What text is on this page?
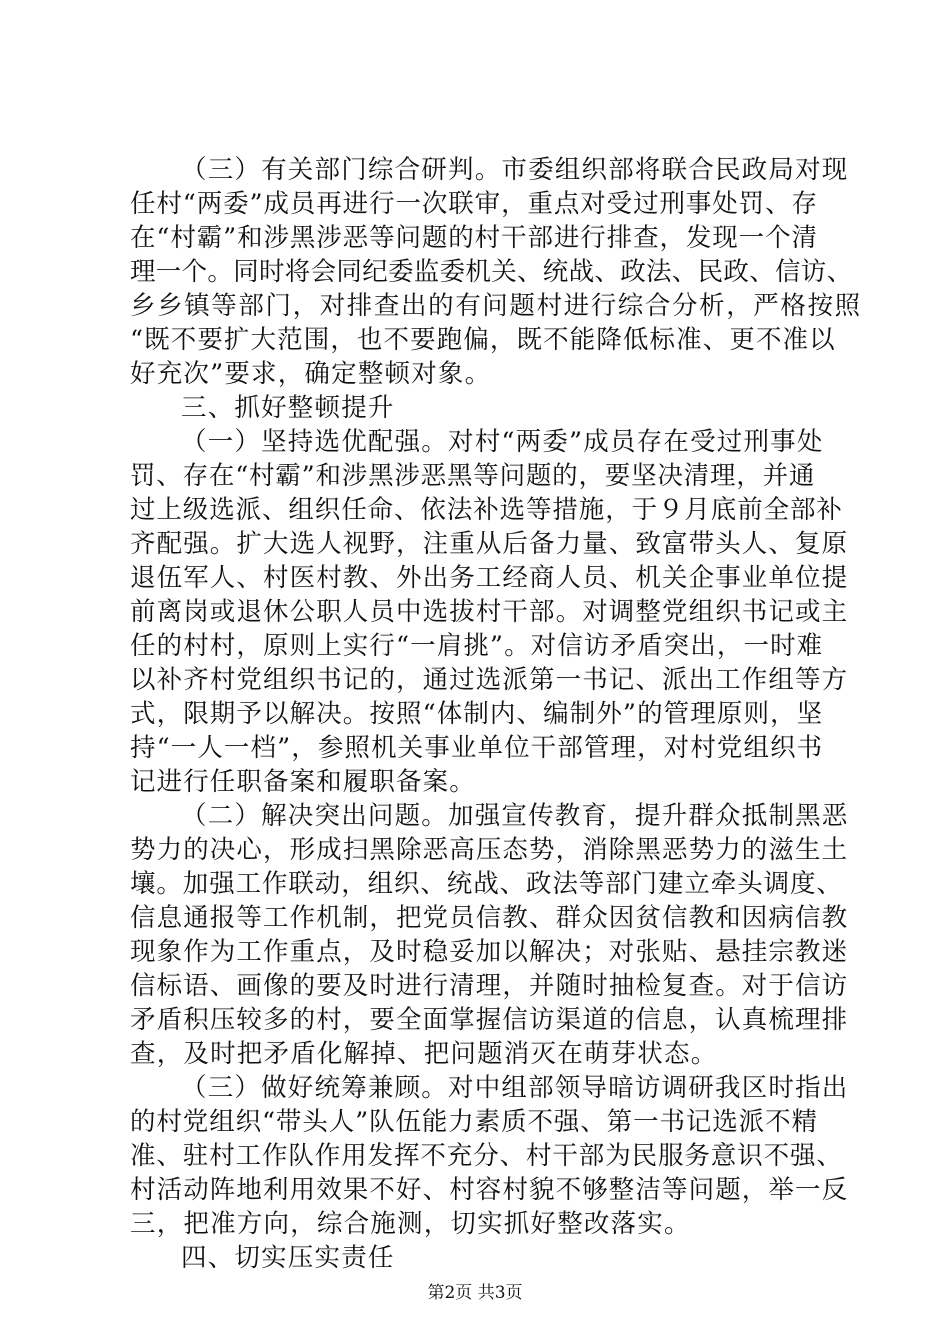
（三）有关部门综合研判。市委组织部将联合民政局对现
任村“两委”成员再进行一次联审，重点对受过刑事处罚、存
在“村霸”和涉黑涉恶等问题的村干部进行排查，发现一个清
理一个。同时将会同纪委监委机关、统战、政法、民政、信访、
乡乡镇等部门，对排查出的有问题村进行综合分析，严格按照
“既不要扩大范围，也不要跑偏，既不能降低标准、更不准以
好充次”要求，确定整顿对象。
三、抓好整顿提升
（一）坚持选优配强。对村“两委”成员存在受过刑事处
罚、存在“村霸”和涉黑涉恶黑等问题的，要坚决清理，并通
过上级选派、组织任命、依法补选等措施，于９月底前全部补
齐配强。扩大选人视野，注重从后备力量、致富带头人、复原
退伍军人、村医村教、外出务工经商人员、机关企事业单位提
前离岗或退休公职人员中选拔村干部。对调整党组织书记或主
任的村村，原则上实行“一肩挑”。对信访矛盾突出，一时难
以补齐村党组织书记的，通过选派第一书记、派出工作组等方
式，限期予以解决。按照“体制内、编制外”的管理原则，坚
持“一人一档”，参照机关事业单位干部管理，对村党组织书
记进行任职备案和履职备案。
（二）解决突出问题。加强宣传教育，提升群众抵制黑恶
势力的决心，形成扫黑除恶高压态势，消除黑恶势力的滋生土
壤。加强工作联动，组织、统战、政法等部门建立牵头调度、
信息通报等工作机制，把党员信教、群众因贫信教和因病信教
现象作为工作重点，及时稳妥加以解决；对张贴、悬挂宗教迷
信标语、画像的要及时进行清理，并随时抽检复查。对于信访
矛盾积压较多的村，要全面掌握信访渠道的信息，认真梳理排
查，及时把矛盾化解掉、把问题消灭在萌芽状态。
（三）做好统筹兼顾。对中组部领导暗访调研我区时指出
的村党组织“带头人”队伍能力素质不强、第一书记选派不精
准、驻村工作队作用发挥不充分、村干部为民服务意识不强、
村活动阵地利用效果不好、村容村貌不够整洁等问题，举一反
三，把准方向，综合施测，切实抓好整改落实。
四、切实压实责任
第2页 共3页
